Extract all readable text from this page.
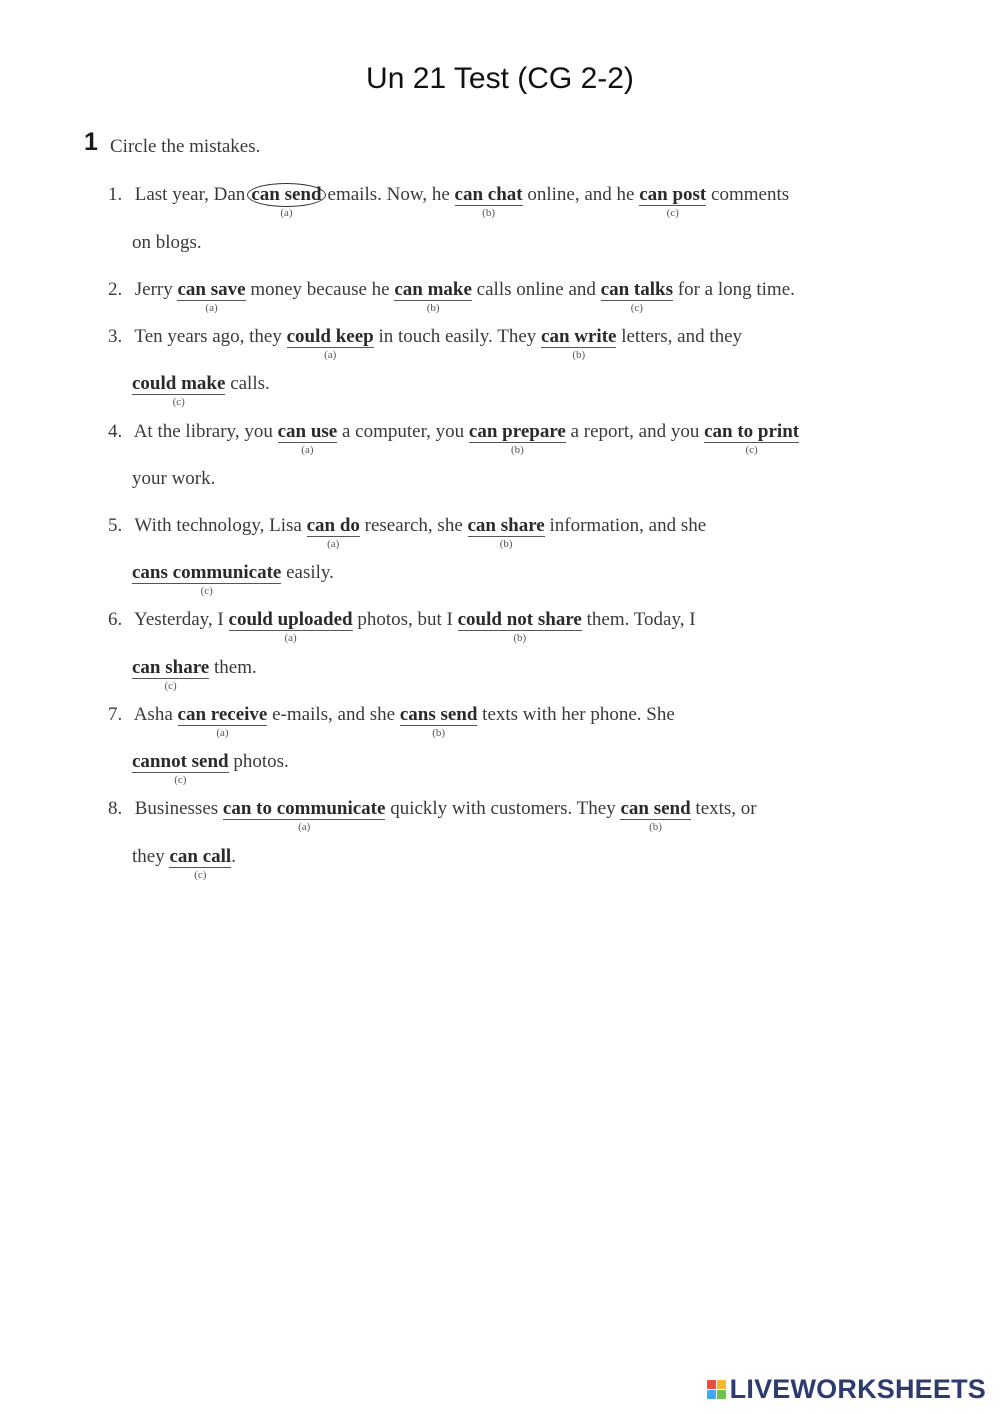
Un 21 Test (CG 2-2)
1 Circle the mistakes.
1. Last year, Dan can send
(a)
emails. Now, he can chat
(b)
online, and he can post
(c)
comments
on blogs.
2. Jerry can save
(a)
money because he can make
(b)
calls online and can talks
(c)
for a long time.
3. Ten years ago, they could keep
(a)
in touch easily. They can write
(b)
letters, and they
could make
(c)
calls.
4. At the library, you can use
(a)
a computer, you can prepare
(b)
a report, and you can to print
(c)
your work.
5. With technology, Lisa can do
(a)
research, she can share
(b)
information, and she
cans communicate
(c)
easily.
6. Yesterday, I could uploaded
(a)
photos, but I could not share
(b)
them. Today, I
can share
(c)
them.
7. Asha can receive
(a)
e-mails, and she cans send
(b)
texts with her phone. She
cannot send
(c)
photos.
8. Businesses can to communicate
(a)
quickly with customers. They can send
(b)
texts, or
they can call
(c)
.
LIVEWORKSHEETS
